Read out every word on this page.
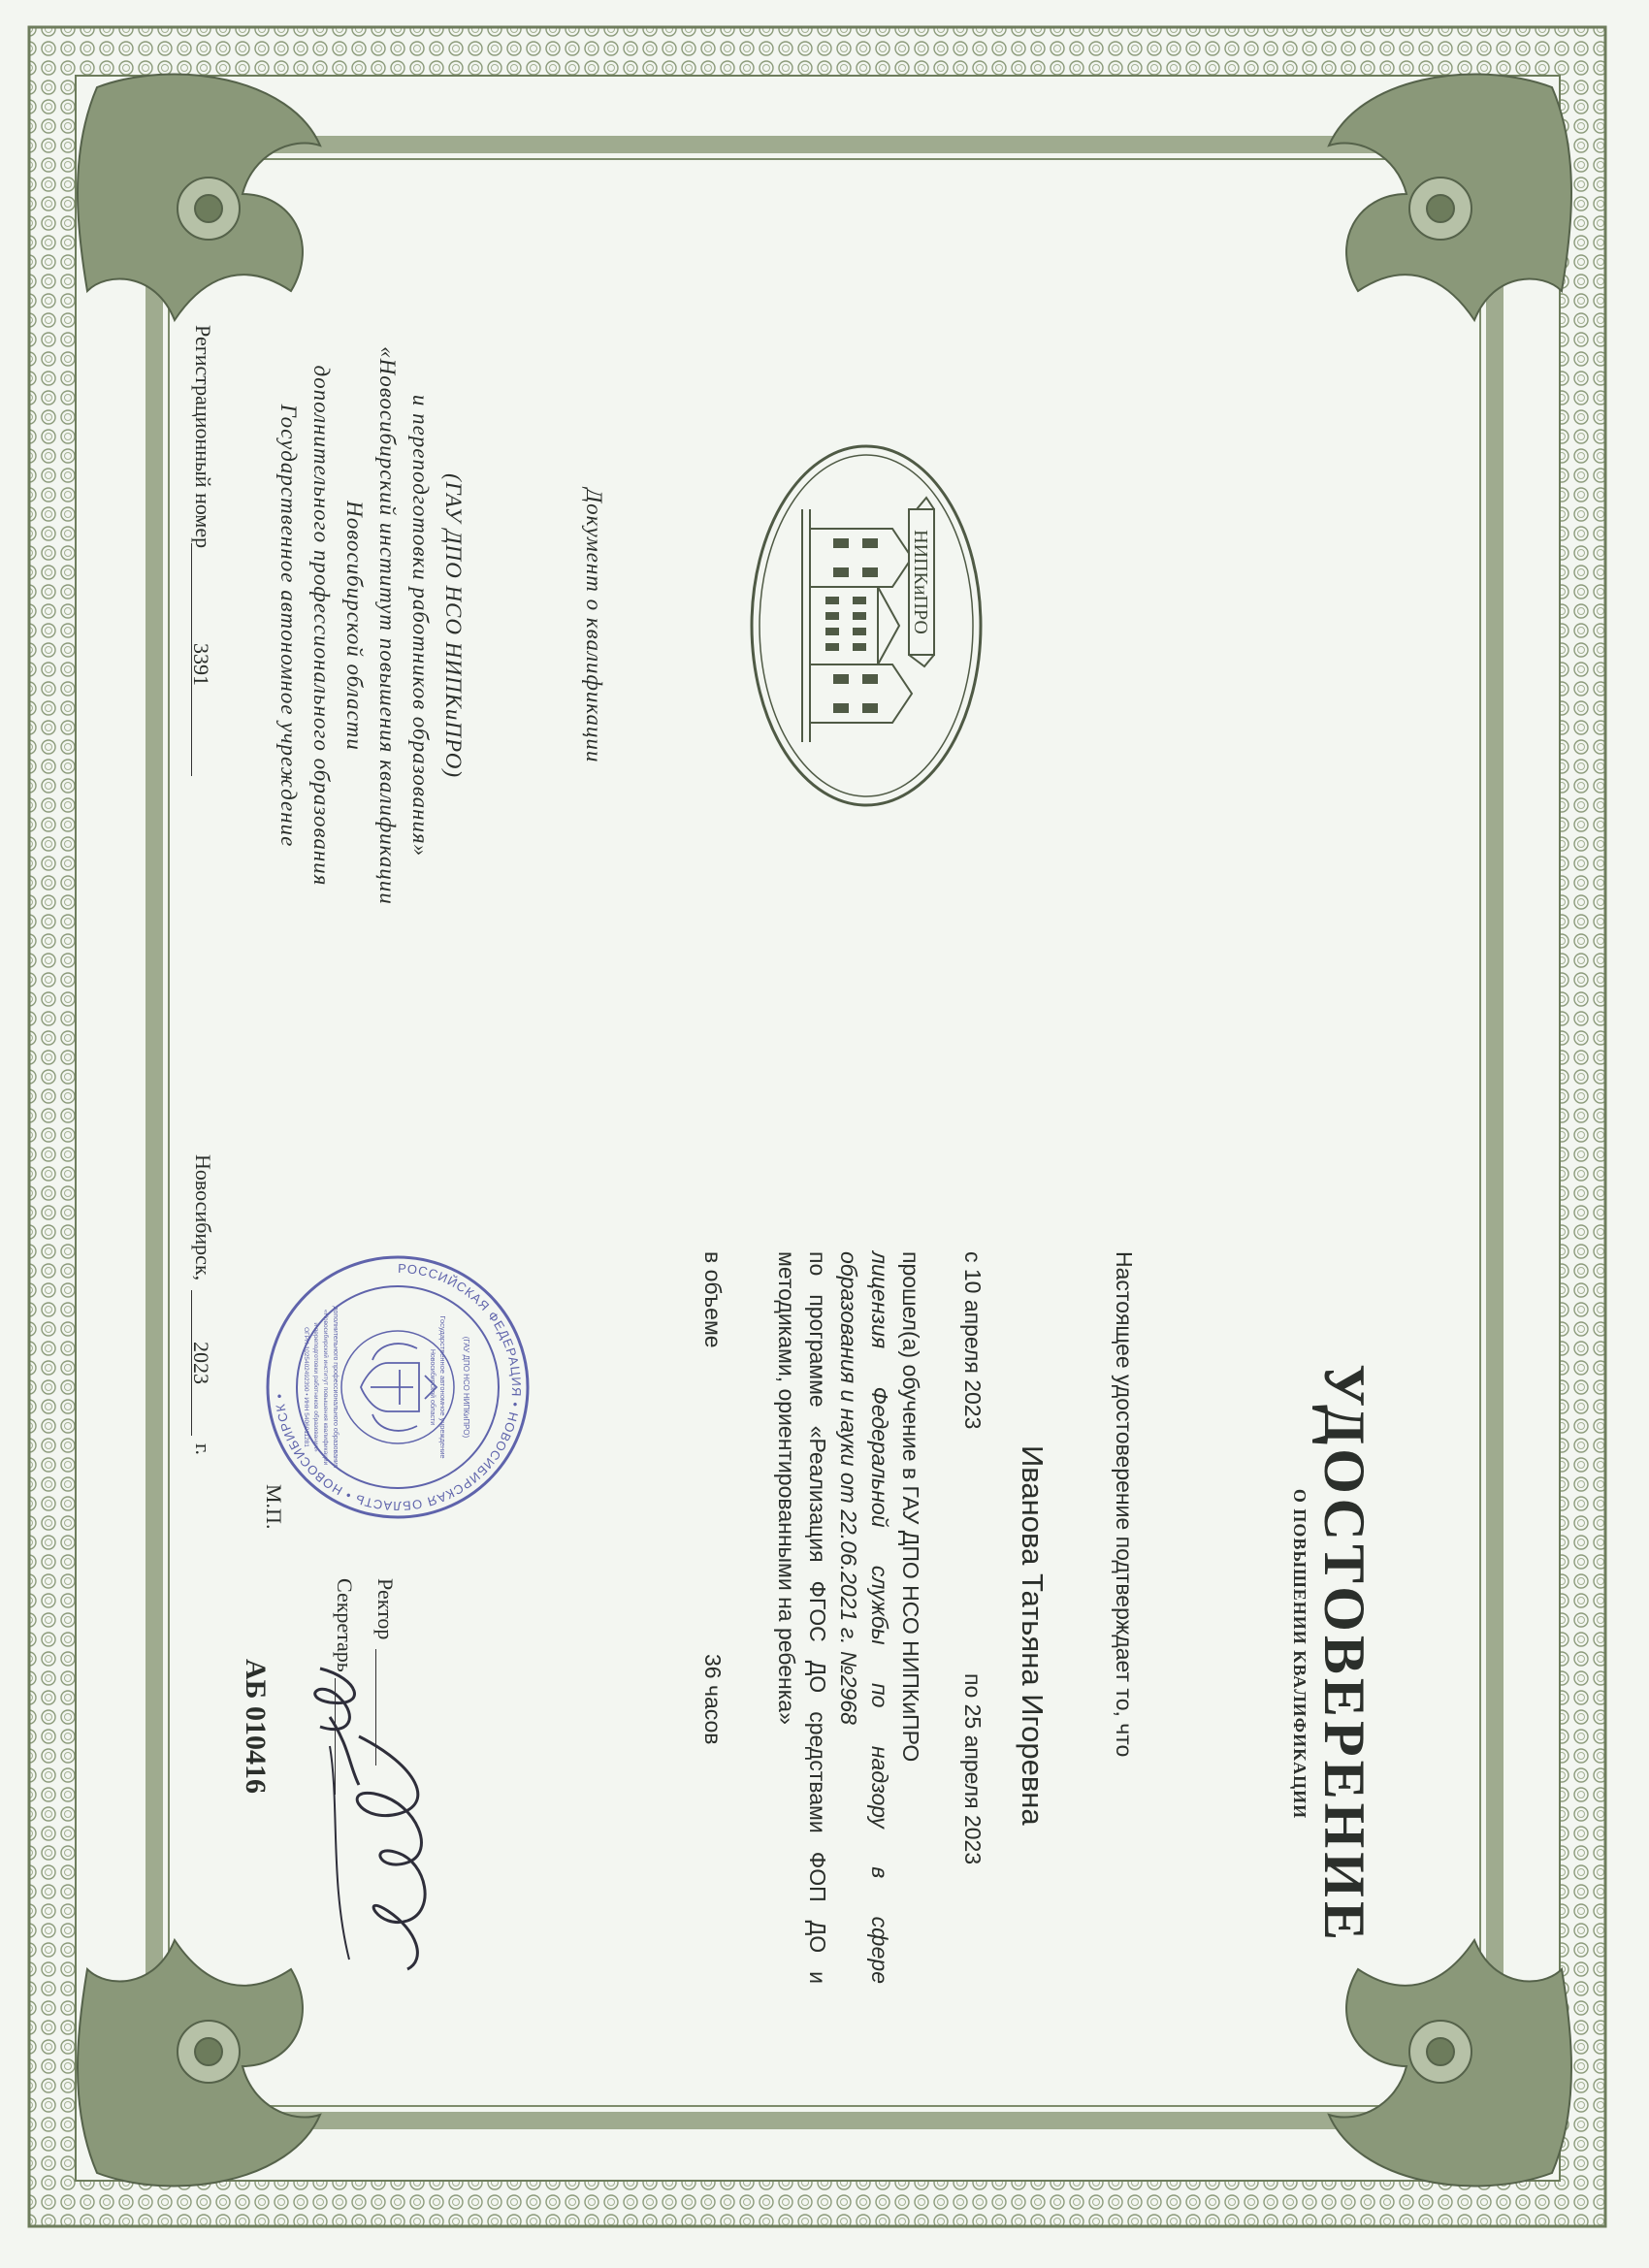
Государственное автономное учреждение дополнительного профессионального образования Новосибирской области «Новосибирский институт повышения квалификации и переподготовки работников образования» (ГАУ ДПО НСО НИПКиПРО)	НИПКиПРО
Документ о квалификации
Регистрационный номер
3391
УДОСТОВЕРЕНИЕ
О ПОВЫШЕНИИ КВАЛИФИКАЦИИ
Настоящее удостоверение подтверждает то, что
Иванова Татьяна Игоревна
с 10 апреля 2023
по 25 апреля 2023
прошел(а) обучение в ГАУ ДПО НСО НИПКиПРО
лицензия Федеральной службы по надзору в сфере
образования и науки от 22.06.2021 г. №2968
по программе «Реализация ФГОС ДО средствами ФОП ДО и
методиками, ориентированными на ребенка»
в объеме
36 часов
РОССИЙСКАЯ ФЕДЕРАЦИЯ • НОВОСИБИРСКАЯ ОБЛАСТЬ • НОВОСИБИРСК •	Государственное автономное учреждение
дополнительного профессионального образования	Новосибирской области
«Новосибирский институт повышения квалификации
и переподготовки работников образования»	(ГАУ ДПО НСО НИПКиПРО)
ОГРН 1025402492390 • ИНН 5406011281
М.П.
Ректор
Секретарь
АБ 010416
Новосибирск,
2023
г.
